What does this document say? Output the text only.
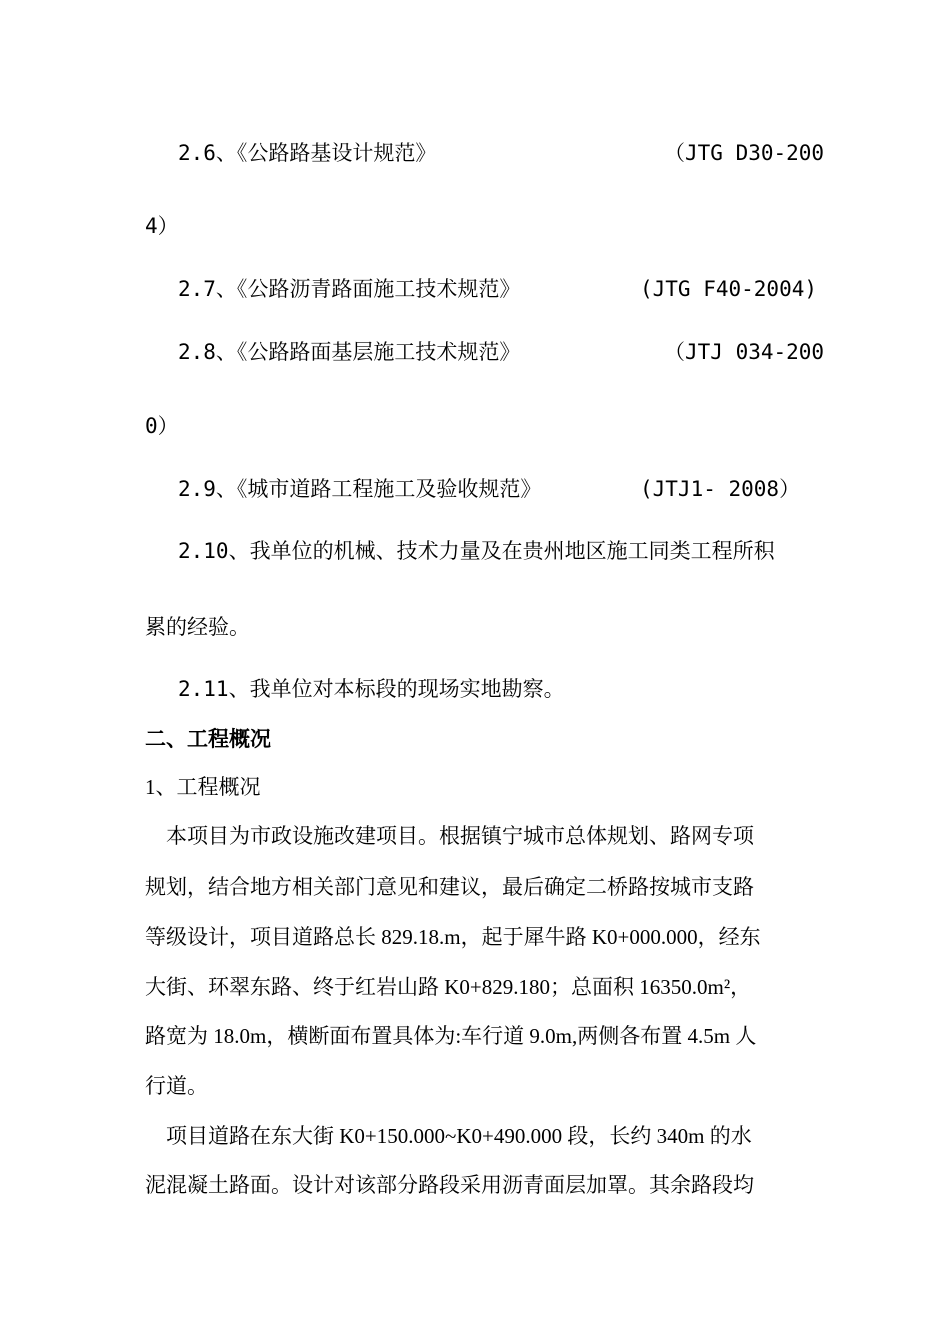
2.6、《公路路基设计规范》	（JTG D30-200
4）
2.7、《公路沥青路面施工技术规范》	(JTG F40-2004)
2.8、《公路路面基层施工技术规范》	（JTJ 034-200
0）
2.9、《城市道路工程施工及验收规范》	(JTJ1- 2008）
2.10、我单位的机械、技术力量及在贵州地区施工同类工程所积
累的经验。
2.11、我单位对本标段的现场实地勘察。
二、工程概况
1、工程概况
本项目为市政设施改建项目。根据镇宁城市总体规划、路网专项
规划，结合地方相关部门意见和建议，最后确定二桥路按城市支路
等级设计，项目道路总长 829.18.m，起于犀牛路 K0+000.000，经东
大街、环翠东路、终于红岩山路 K0+829.180；总面积 16350.0m²，
路宽为 18.0m，横断面布置具体为:车行道 9.0m,两侧各布置 4.5m 人
行道。
项目道路在东大街 K0+150.000~K0+490.000 段，长约 340m 的水
泥混凝土路面。设计对该部分路段采用沥青面层加罩。其余路段均
